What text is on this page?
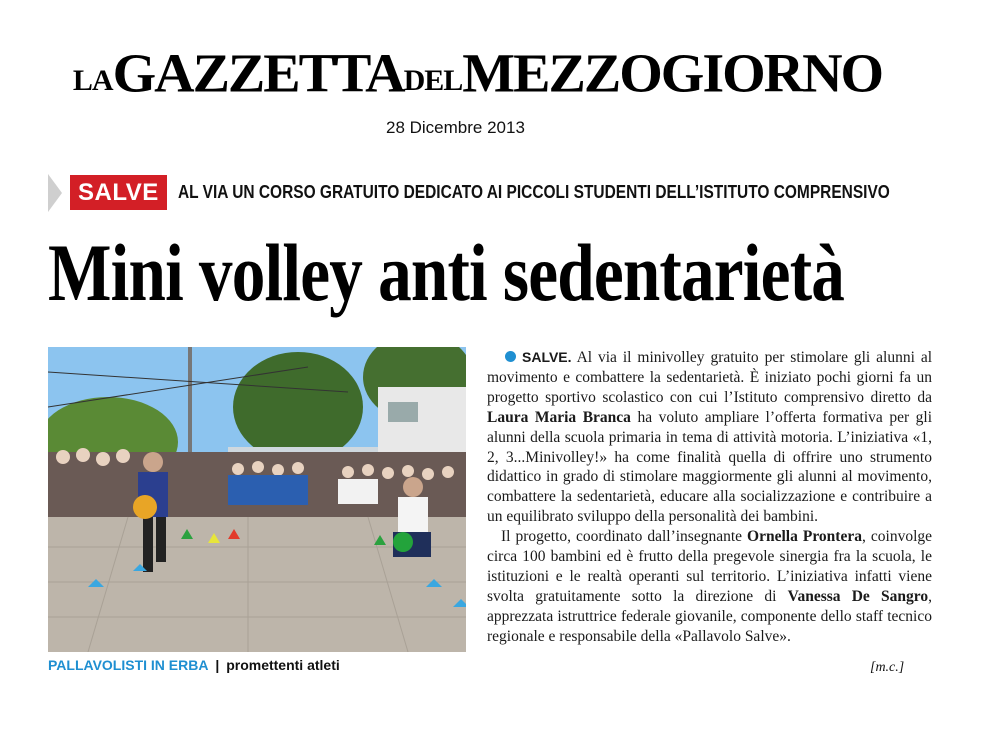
LA GAZZETTA DEL MEZZOGIORNO
28 Dicembre 2013
SALVE	AL VIA UN CORSO GRATUITO DEDICATO AI PICCOLI STUDENTI DELL’ISTITUTO COMPRENSIVO
Mini volley anti sedentarietà
PALLAVOLISTI IN ERBA | promettenti atleti

SALVE. Al via il minivolley gratuito per stimolare gli alunni al movimento e combattere la sedentarietà. È iniziato pochi giorni fa un progetto sportivo scolastico con cui l’Istituto comprensivo diretto da Laura Maria Branca ha voluto ampliare l’offerta formativa per gli alunni della scuola primaria in tema di attività motoria. L’iniziativa «1, 2, 3...Minivolley!» ha come finalità quella di offrire uno strumento didattico in grado di stimolare maggiormente gli alunni al movimento, combattere la sedentarietà, educare alla socializzazione e contribuire a un equilibrato sviluppo della personalità dei bambini.

Il progetto, coordinato dall’insegnante Ornella Prontera, coinvolge circa 100 bambini ed è frutto della pregevole sinergia fra la scuola, le istituzioni e le realtà operanti sul territorio. L’iniziativa infatti viene svolta gratuitamente sotto la direzione di Vanessa De Sangro, apprezzata istruttrice federale giovanile, componente dello staff tecnico regionale e responsabile della «Pallavolo Salve».

[m.c.]
